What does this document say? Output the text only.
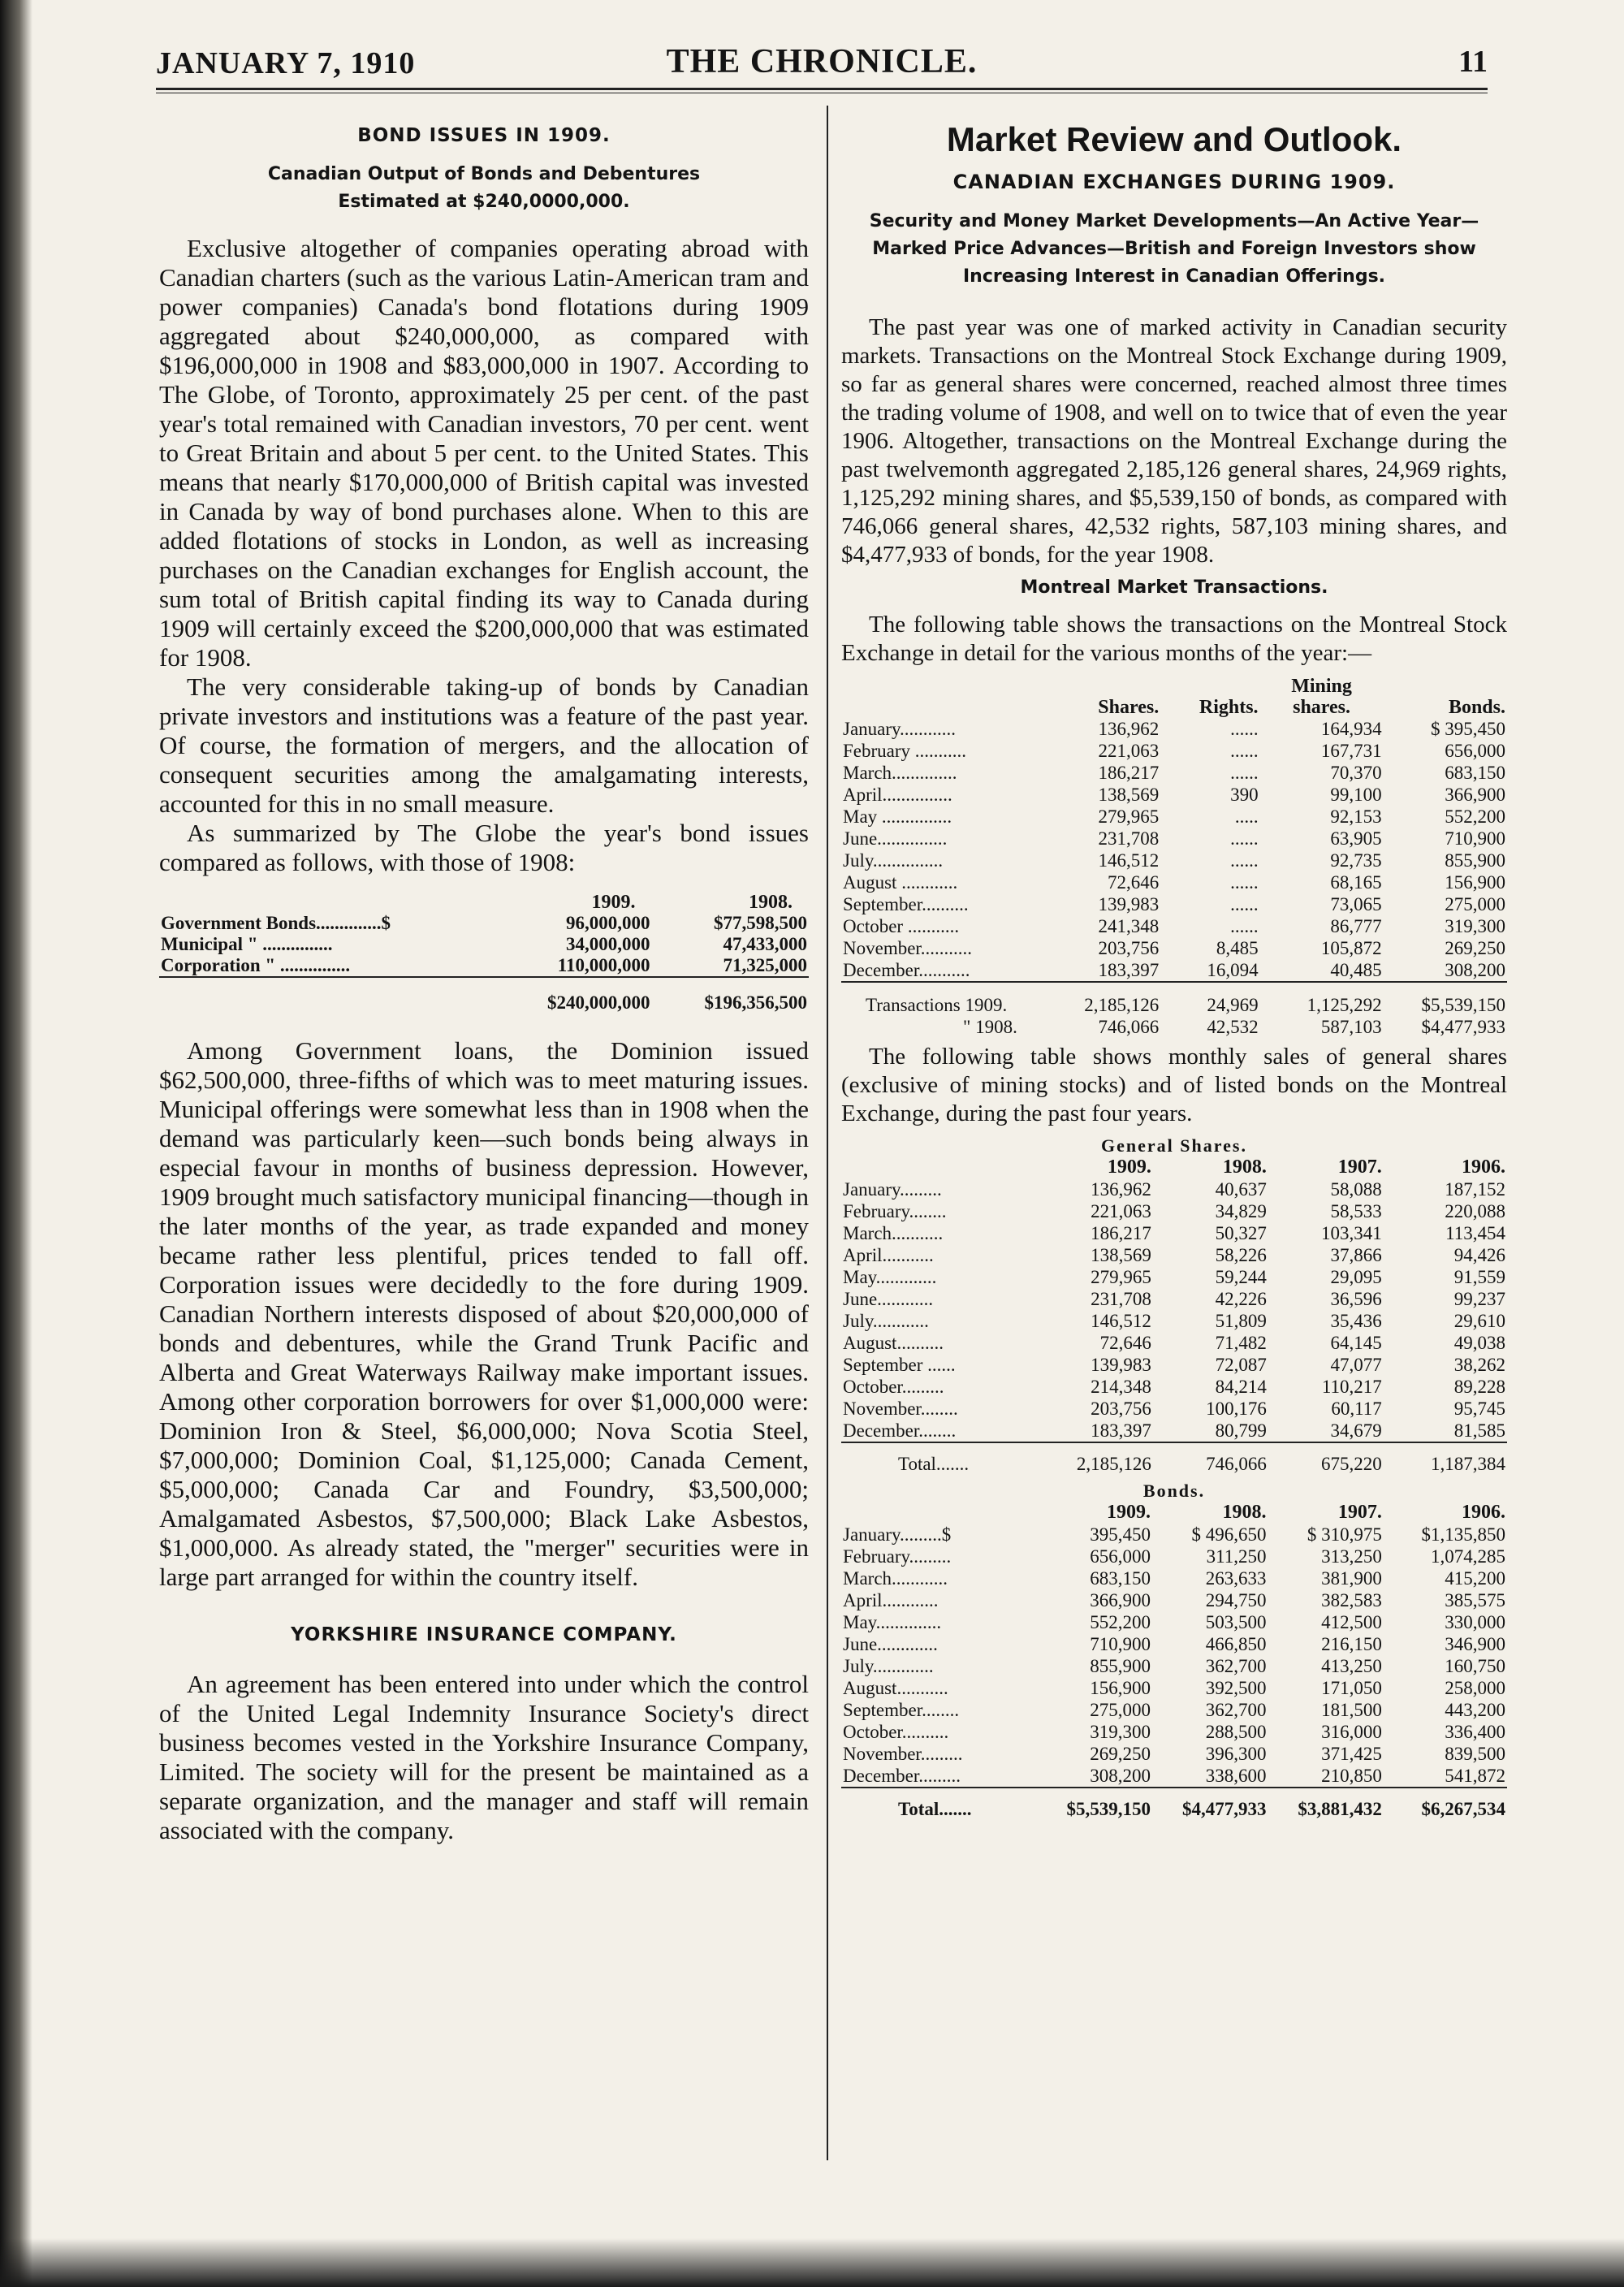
JANUARY 7, 1910	THE CHRONICLE.	11
BOND ISSUES IN 1909.
Canadian Output of Bonds and Debentures
Estimated at $240,0000,000.

Exclusive altogether of companies operating abroad with Canadian charters (such as the various Latin-American tram and power companies) Canada's bond flotations during 1909 aggregated about $240,000,000, as compared with $196,000,000 in 1908 and $83,000,000 in 1907. According to The Globe, of Toronto, approximately 25 per cent. of the past year's total remained with Canadian investors, 70 per cent. went to Great Britain and about 5 per cent. to the United States. This means that nearly $170,000,000 of British capital was invested in Canada by way of bond purchases alone. When to this are added flotations of stocks in London, as well as increasing purchases on the Canadian exchanges for English account, the sum total of British capital finding its way to Canada during 1909 will certainly exceed the $200,000,000 that was estimated for 1908.

The very considerable taking-up of bonds by Canadian private investors and institutions was a feature of the past year. Of course, the formation of mergers, and the allocation of consequent securities among the amalgamating interests, accounted for this in no small measure.

As summarized by The Globe the year's bond issues compared as follows, with those of 1908:

	1909.	1908.
Government Bonds..............$	96,000,000	$77,598,500
Municipal " ...............	34,000,000	47,433,000
Corporation " ...............	110,000,000	71,325,000
	$240,000,000	$196,356,500

Among Government loans, the Dominion issued $62,500,000, three-fifths of which was to meet maturing issues. Municipal offerings were somewhat less than in 1908 when the demand was particularly keen—such bonds being always in especial favour in months of business depression. However, 1909 brought much satisfactory municipal financing—though in the later months of the year, as trade expanded and money became rather less plentiful, prices tended to fall off. Corporation issues were decidedly to the fore during 1909. Canadian Northern interests disposed of about $20,000,000 of bonds and debentures, while the Grand Trunk Pacific and Alberta and Great Waterways Railway make important issues. Among other corporation borrowers for over $1,000,000 were: Dominion Iron & Steel, $6,000,000; Nova Scotia Steel, $7,000,000; Dominion Coal, $1,125,000; Canada Cement, $5,000,000; Canada Car and Foundry, $3,500,000; Amalgamated Asbestos, $7,500,000; Black Lake Asbestos, $1,000,000. As already stated, the "merger" securities were in large part arranged for within the country itself.

YORKSHIRE INSURANCE COMPANY.

An agreement has been entered into under which the control of the United Legal Indemnity Insurance Society's direct business becomes vested in the Yorkshire Insurance Company, Limited. The society will for the present be maintained as a separate organization, and the manager and staff will remain associated with the company.

Market Review and Outlook.
CANADIAN EXCHANGES DURING 1909.
Security and Money Market Developments—An Active Year—Marked Price Advances—British and Foreign Investors show Increasing Interest in Canadian Offerings.

The past year was one of marked activity in Canadian security markets. Transactions on the Montreal Stock Exchange during 1909, so far as general shares were concerned, reached almost three times the trading volume of 1908, and well on to twice that of even the year 1906. Altogether, transactions on the Montreal Exchange during the past twelvemonth aggregated 2,185,126 general shares, 24,969 rights, 1,125,292 mining shares, and $5,539,150 of bonds, as compared with 746,066 general shares, 42,532 rights, 587,103 mining shares, and $4,477,933 of bonds, for the year 1908.

Montreal Market Transactions.

The following table shows the transactions on the Montreal Stock Exchange in detail for the various months of the year:—

			Mining	
	Shares.	Rights.	shares.	Bonds.
January............	136,962	......	164,934	$ 395,450
February ...........	221,063	......	167,731	656,000
March..............	186,217	......	70,370	683,150
April...............	138,569	390	99,100	366,900
May ...............	279,965	.....	92,153	552,200
June...............	231,708	......	63,905	710,900
July...............	146,512	......	92,735	855,900
August ............	72,646	......	68,165	156,900
September..........	139,983	......	73,065	275,000
October ...........	241,348	......	86,777	319,300
November...........	203,756	8,485	105,872	269,250
December...........	183,397	16,094	40,485	308,200

Transactions 1909.	2,185,126	24,969	1,125,292	$5,539,150
" 1908.	746,066	42,532	587,103	$4,477,933

The following table shows monthly sales of general shares (exclusive of mining stocks) and of listed bonds on the Montreal Exchange, during the past four years.

General Shares.				
	1909.	1908.	1907.	1906.
January.........	136,962	40,637	58,088	187,152
February........	221,063	34,829	58,533	220,088
March...........	186,217	50,327	103,341	113,454
April...........	138,569	58,226	37,866	94,426
May.............	279,965	59,244	29,095	91,559
June............	231,708	42,226	36,596	99,237
July............	146,512	51,809	35,436	29,610
August..........	72,646	71,482	64,145	49,038
September ......	139,983	72,087	47,077	38,262
October.........	214,348	84,214	110,217	89,228
November........	203,756	100,176	60,117	95,745
December........	183,397	80,799	34,679	81,585

Total.......	2,185,126	746,066	675,220	1,187,384
Bonds.				
	1909.	1908.	1907.	1906.
January.........$	395,450	$ 496,650	$ 310,975	$1,135,850
February.........	656,000	311,250	313,250	1,074,285
March............	683,150	263,633	381,900	415,200
April............	366,900	294,750	382,583	385,575
May..............	552,200	503,500	412,500	330,000
June.............	710,900	466,850	216,150	346,900
July.............	855,900	362,700	413,250	160,750
August...........	156,900	392,500	171,050	258,000
September........	275,000	362,700	181,500	443,200
October..........	319,300	288,500	316,000	336,400
November.........	269,250	396,300	371,425	839,500
December.........	308,200	338,600	210,850	541,872

Total.......	$5,539,150	$4,477,933	$3,881,432	$6,267,534
